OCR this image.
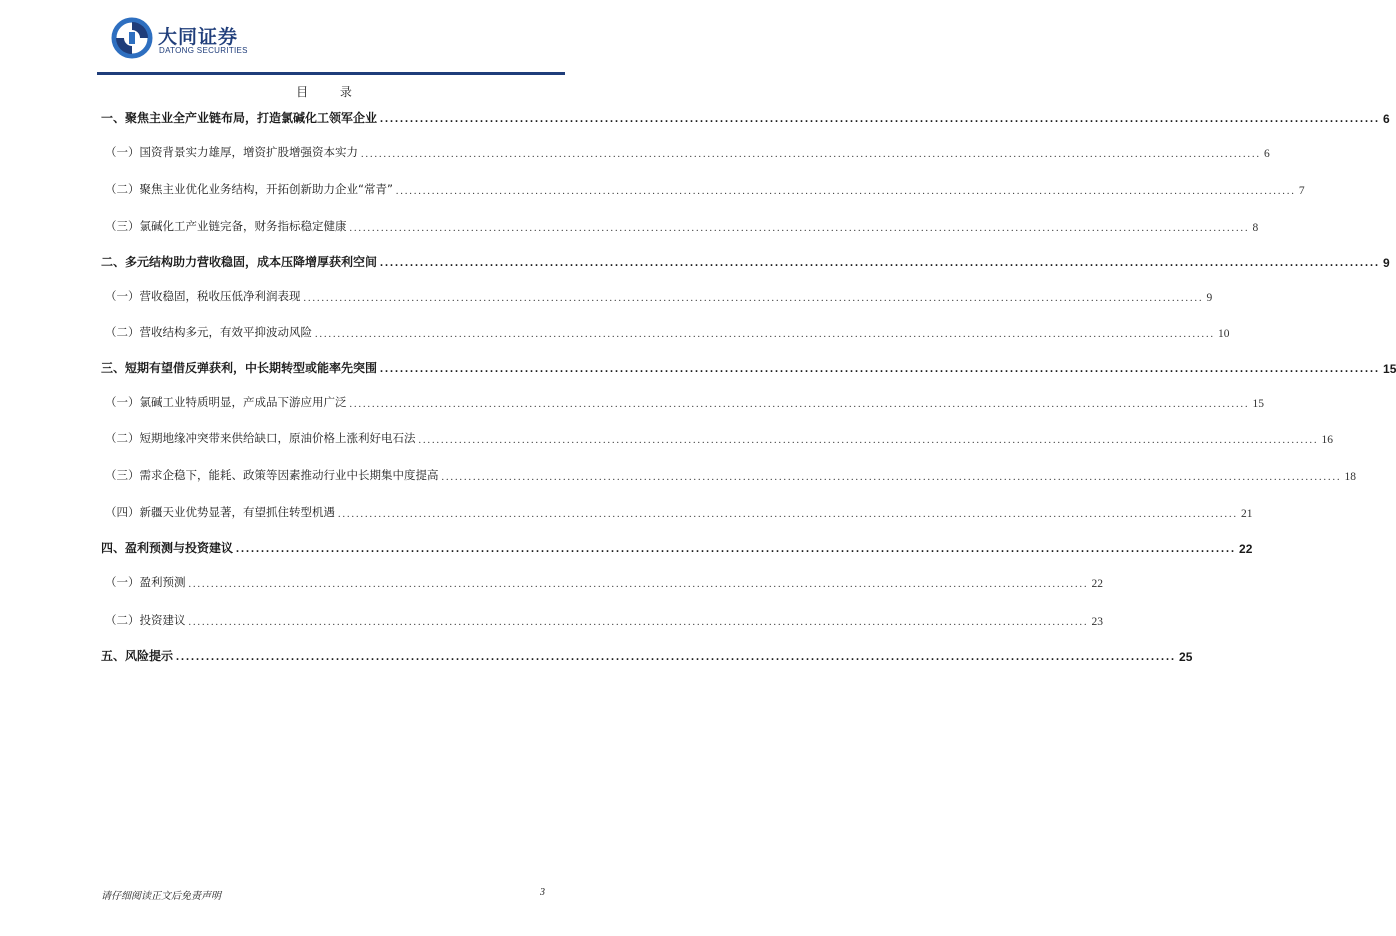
大同证券
DATONG SECURITIES
目 录
一、聚焦主业全产业链布局，打造氯碱化工领军企业 ........................................................................................................................................................................................................ 6
（一）国资背景实力雄厚，增资扩股增强资本实力 ........................................................................................................................................................................................................ 6
（二）聚焦主业优化业务结构，开拓创新助力企业“常青” ........................................................................................................................................................................................................ 7
（三）氯碱化工产业链完备，财务指标稳定健康 ........................................................................................................................................................................................................ 8
二、多元结构助力营收稳固，成本压降增厚获利空间 ........................................................................................................................................................................................................ 9
（一）营收稳固，税收压低净利润表现 ........................................................................................................................................................................................................ 9
（二）营收结构多元，有效平抑波动风险 ........................................................................................................................................................................................................ 10
三、短期有望借反弹获利，中长期转型或能率先突围 ........................................................................................................................................................................................................ 15
（一）氯碱工业特质明显，产成品下游应用广泛 ........................................................................................................................................................................................................ 15
（二）短期地缘冲突带来供给缺口，原油价格上涨利好电石法 ........................................................................................................................................................................................................ 16
（三）需求企稳下，能耗、政策等因素推动行业中长期集中度提高 ........................................................................................................................................................................................................ 18
（四）新疆天业优势显著，有望抓住转型机遇 ........................................................................................................................................................................................................ 21
四、盈利预测与投资建议 ........................................................................................................................................................................................................ 22
（一）盈利预测 ........................................................................................................................................................................................................ 22
（二）投资建议 ........................................................................................................................................................................................................ 23
五、风险提示 ........................................................................................................................................................................................................ 25
请仔细阅读正文后免责声明	3
